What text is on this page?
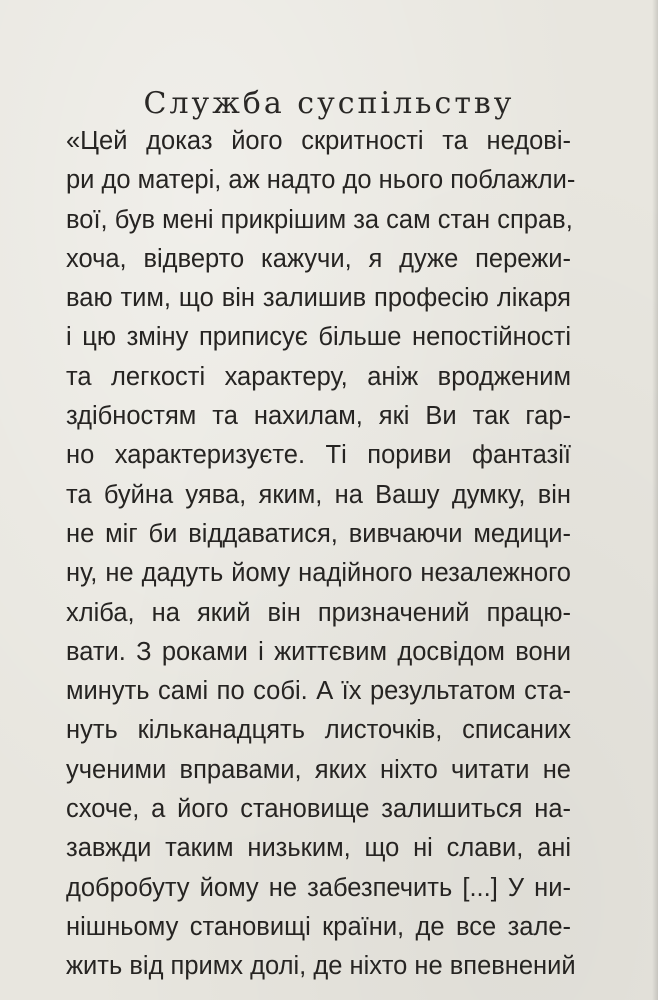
Служба суспільству
«Цей доказ його скритності та недові-
ри до матері, аж надто до нього поблажли-
вої, був мені прикрішим за сам стан справ,
хоча, відверто кажучи, я дуже пережи-
ваю тим, що він залишив професію лікаря
і цю зміну приписує більше непостійності
та легкості характеру, аніж вродженим
здібностям та нахилам, які Ви так гар-
но характеризуєте. Ті пориви фантазії
та буйна уява, яким, на Вашу думку, він
не міг би віддаватися, вивчаючи медици-
ну, не дадуть йому надійного незалежного
хліба, на який він призначений працю-
вати. З роками і життєвим досвідом вони
минуть самі по собі. А їх результатом ста-
нуть кільканадцять листочків, списаних
ученими вправами, яких ніхто читати не
схоче, а його становище залишиться на-
завжди таким низьким, що ні слави, ані
добробуту йому не забезпечить [...] У ни-
нішньому становищі країни, де все зале-
жить від примх долі, де ніхто не впевнений
